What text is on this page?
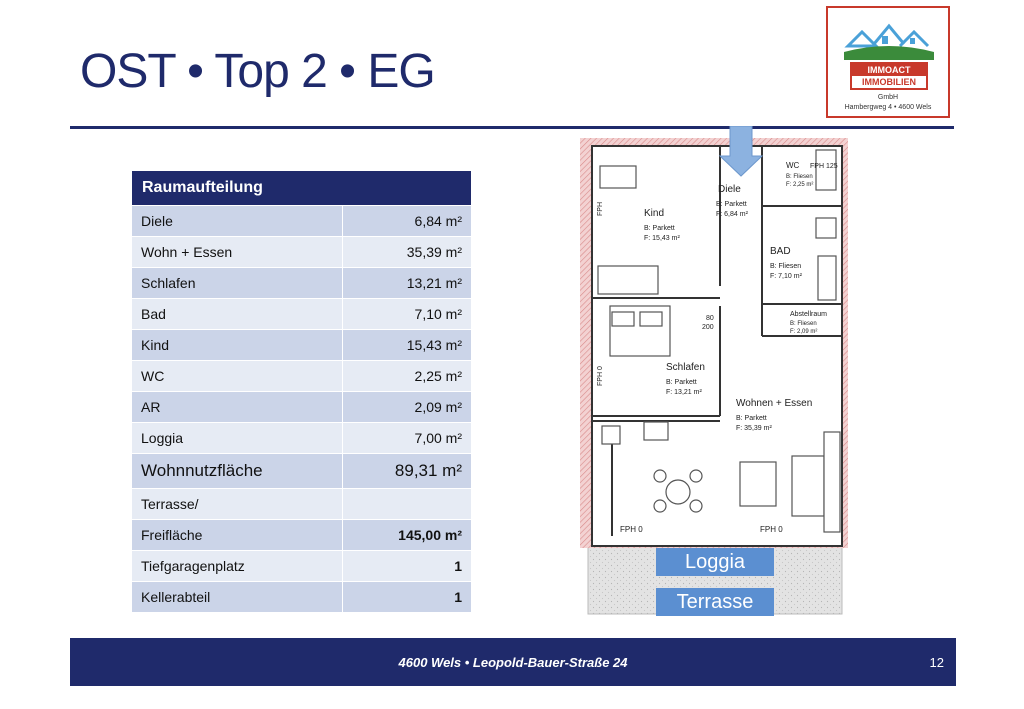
OST • Top 2 • EG	IMMOACT
IMMOBILIEN
GmbH
Hambergweg 4 • 4600 Wels
Raumaufteilung	
Diele	6,84 m²
Wohn + Essen	35,39 m²
Schlafen	13,21 m²
Bad	7,10 m²
Kind	15,43 m²
WC	2,25 m²
AR	2,09 m²
Loggia	7,00 m²
Wohnnutzfläche	89,31 m²
Terrasse/	
Freifläche	145,00 m²
Tiefgaragenplatz	1
Kellerabteil	1
Diele
B: Parkett
F: 6,84 m²
Kind
B: Parkett
F: 15,43 m²
WC FPH 125
B: Fliesen
F: 2,25 m²
BAD
B: Fliesen
F: 7,10 m²
Abstellraum
B: Fliesen
F: 2,09 m²
Schlafen
B: Parkett
F: 13,21 m²
Wohnen + Essen
B: Parkett
F: 35,39 m²
FPH 0	FPH 0
FPH 0
FPH
80
200
Loggia
Terrasse
4600 Wels • Leopold-Bauer-Straße 24	12
